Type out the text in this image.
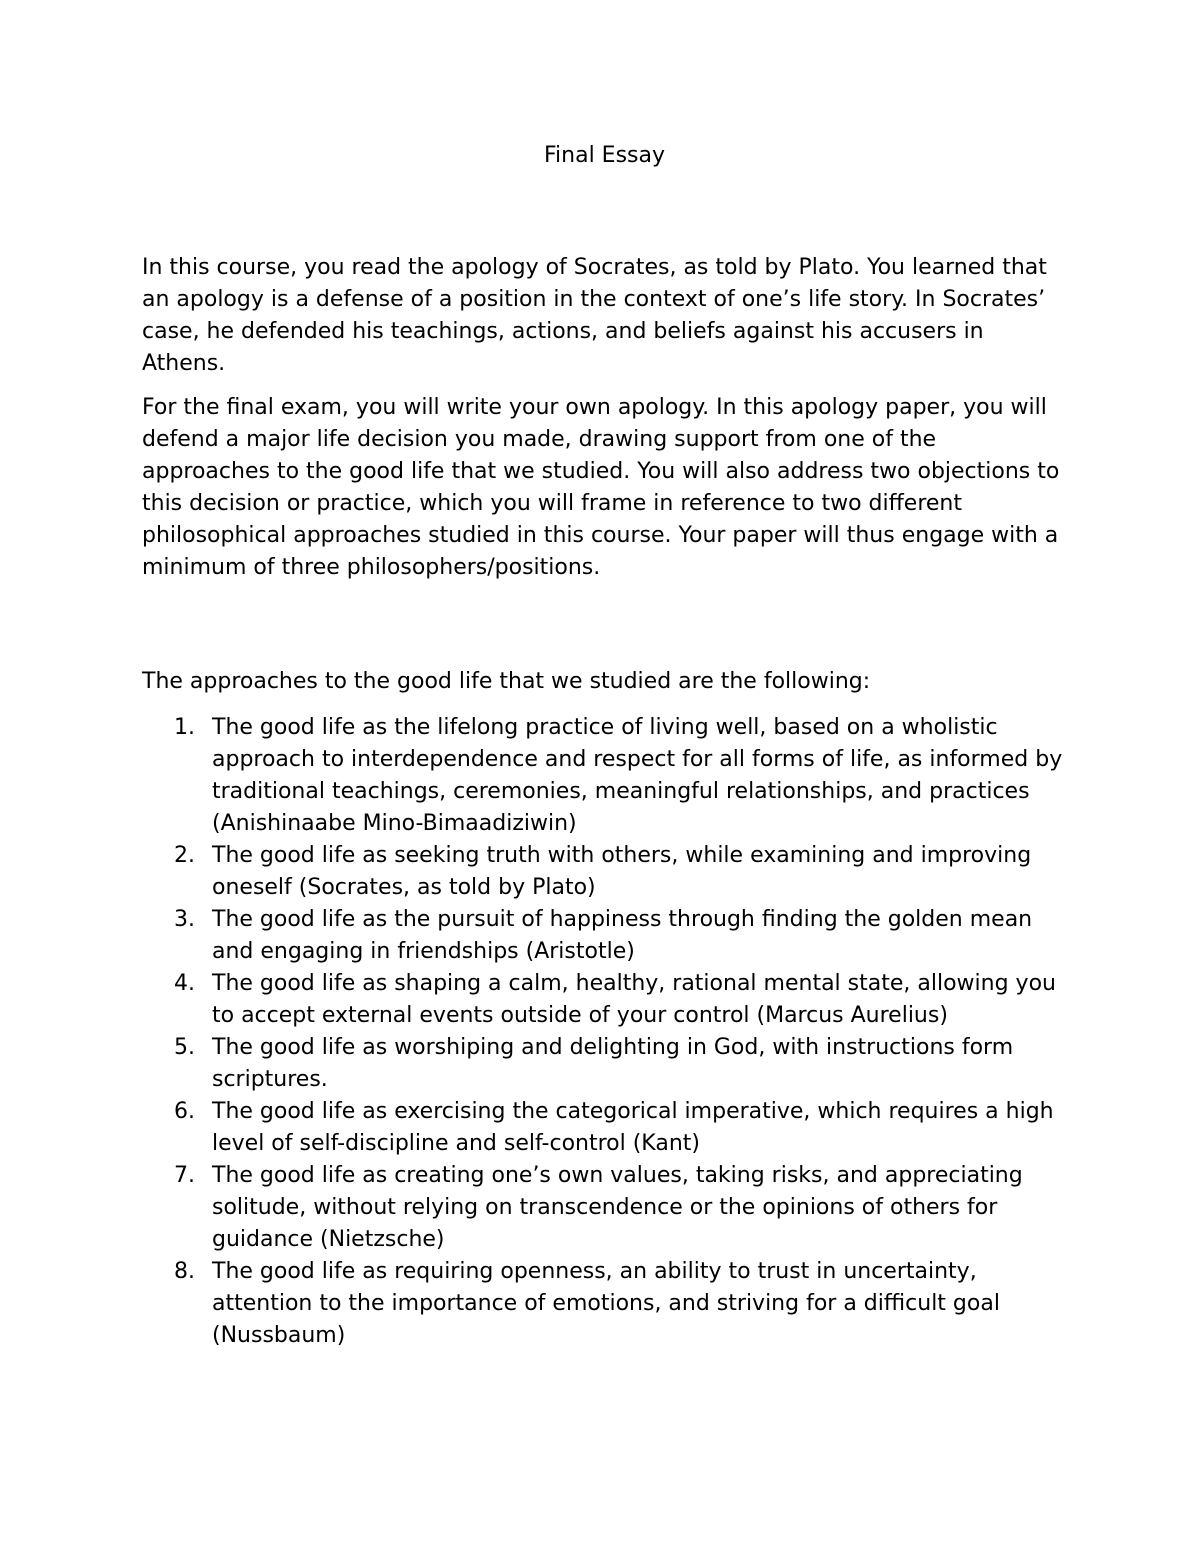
Final Essay

In this course, you read the apology of Socrates, as told by Plato. You learned that an apology is a defense of a position in the context of one’s life story. In Socrates’ case, he defended his teachings, actions, and beliefs against his accusers in Athens.

For the final exam, you will write your own apology. In this apology paper, you will defend a major life decision you made, drawing support from one of the approaches to the good life that we studied. You will also address two objections to this decision or practice, which you will frame in reference to two different philosophical approaches studied in this course. Your paper will thus engage with a minimum of three philosophers/positions.

The approaches to the good life that we studied are the following:

1. The good life as the lifelong practice of living well, based on a wholistic approach to interdependence and respect for all forms of life, as informed by traditional teachings, ceremonies, meaningful relationships, and practices (Anishinaabe Mino-Bimaadiziwin)
2. The good life as seeking truth with others, while examining and improving oneself (Socrates, as told by Plato)
3. The good life as the pursuit of happiness through finding the golden mean and engaging in friendships (Aristotle)
4. The good life as shaping a calm, healthy, rational mental state, allowing you to accept external events outside of your control (Marcus Aurelius)
5. The good life as worshiping and delighting in God, with instructions form scriptures.
6. The good life as exercising the categorical imperative, which requires a high level of self-discipline and self-control (Kant)
7. The good life as creating one’s own values, taking risks, and appreciating solitude, without relying on transcendence or the opinions of others for guidance (Nietzsche)
8. The good life as requiring openness, an ability to trust in uncertainty, attention to the importance of emotions, and striving for a difficult goal (Nussbaum)
